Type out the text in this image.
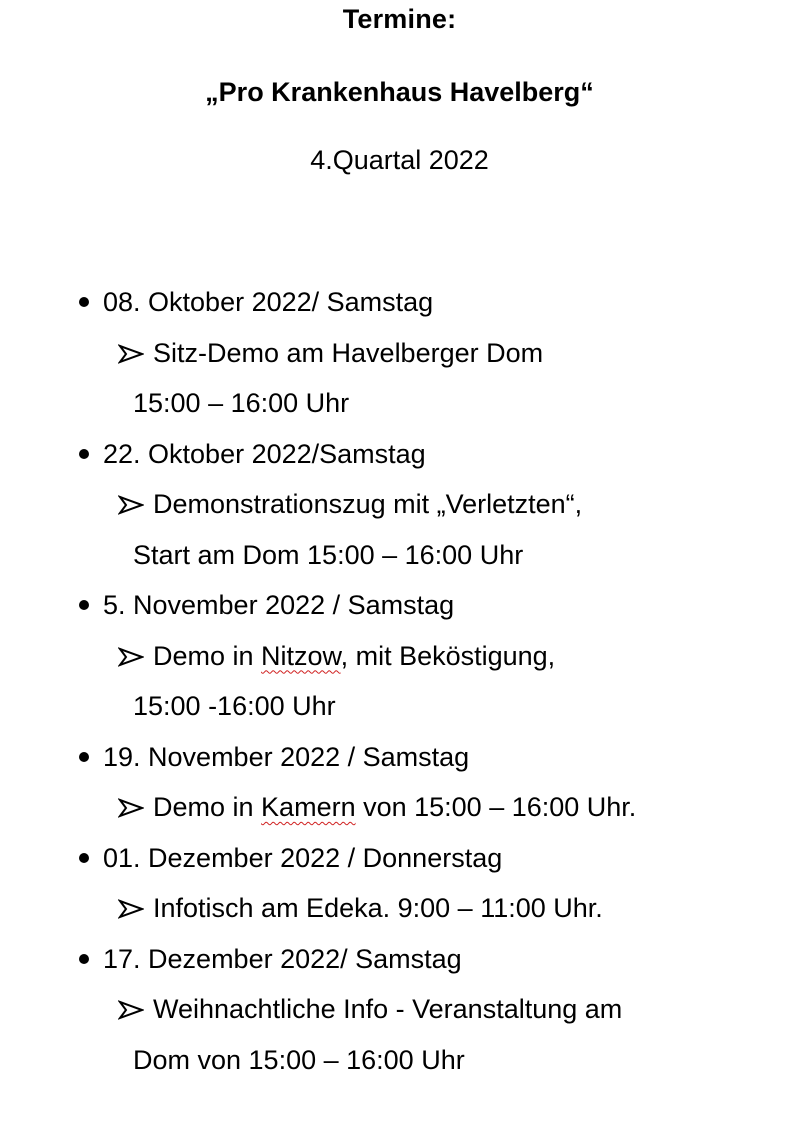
Termine:
„Pro Krankenhaus Havelberg“
4.Quartal 2022
08. Oktober 2022/ Samstag
Sitz-Demo am Havelberger Dom
15:00 – 16:00 Uhr
22. Oktober 2022/Samstag
Demonstrationszug mit „Verletzten“,
Start am Dom 15:00 – 16:00 Uhr
5. November 2022 / Samstag
Demo in Nitzow, mit Beköstigung,
15:00 -16:00 Uhr
19. November 2022 / Samstag
Demo in Kamern von 15:00 – 16:00 Uhr.
01. Dezember 2022 / Donnerstag
Infotisch am Edeka. 9:00 – 11:00 Uhr.
17. Dezember 2022/ Samstag
Weihnachtliche Info - Veranstaltung am
Dom von 15:00 – 16:00 Uhr
